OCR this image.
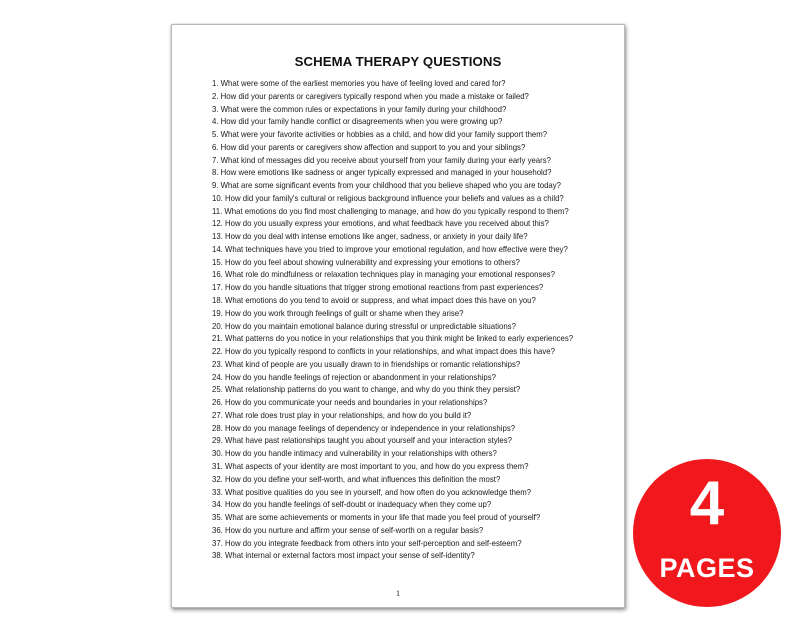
SCHEMA THERAPY QUESTIONS
1. What were some of the earliest memories you have of feeling loved and cared for?
2. How did your parents or caregivers typically respond when you made a mistake or failed?
3. What were the common rules or expectations in your family during your childhood?
4. How did your family handle conflict or disagreements when you were growing up?
5. What were your favorite activities or hobbies as a child, and how did your family support them?
6. How did your parents or caregivers show affection and support to you and your siblings?
7. What kind of messages did you receive about yourself from your family during your early years?
8. How were emotions like sadness or anger typically expressed and managed in your household?
9. What are some significant events from your childhood that you believe shaped who you are today?
10. How did your family's cultural or religious background influence your beliefs and values as a child?
11. What emotions do you find most challenging to manage, and how do you typically respond to them?
12. How do you usually express your emotions, and what feedback have you received about this?
13. How do you deal with intense emotions like anger, sadness, or anxiety in your daily life?
14. What techniques have you tried to improve your emotional regulation, and how effective were they?
15. How do you feel about showing vulnerability and expressing your emotions to others?
16. What role do mindfulness or relaxation techniques play in managing your emotional responses?
17. How do you handle situations that trigger strong emotional reactions from past experiences?
18. What emotions do you tend to avoid or suppress, and what impact does this have on you?
19. How do you work through feelings of guilt or shame when they arise?
20. How do you maintain emotional balance during stressful or unpredictable situations?
21. What patterns do you notice in your relationships that you think might be linked to early experiences?
22. How do you typically respond to conflicts in your relationships, and what impact does this have?
23. What kind of people are you usually drawn to in friendships or romantic relationships?
24. How do you handle feelings of rejection or abandonment in your relationships?
25. What relationship patterns do you want to change, and why do you think they persist?
26. How do you communicate your needs and boundaries in your relationships?
27. What role does trust play in your relationships, and how do you build it?
28. How do you manage feelings of dependency or independence in your relationships?
29. What have past relationships taught you about yourself and your interaction styles?
30. How do you handle intimacy and vulnerability in your relationships with others?
31. What aspects of your identity are most important to you, and how do you express them?
32. How do you define your self-worth, and what influences this definition the most?
33. What positive qualities do you see in yourself, and how often do you acknowledge them?
34. How do you handle feelings of self-doubt or inadequacy when they come up?
35. What are some achievements or moments in your life that made you feel proud of yourself?
36. How do you nurture and affirm your sense of self-worth on a regular basis?
37. How do you integrate feedback from others into your self-perception and self-esteem?
38. What internal or external factors most impact your sense of self-identity?
1
4
PAGES
